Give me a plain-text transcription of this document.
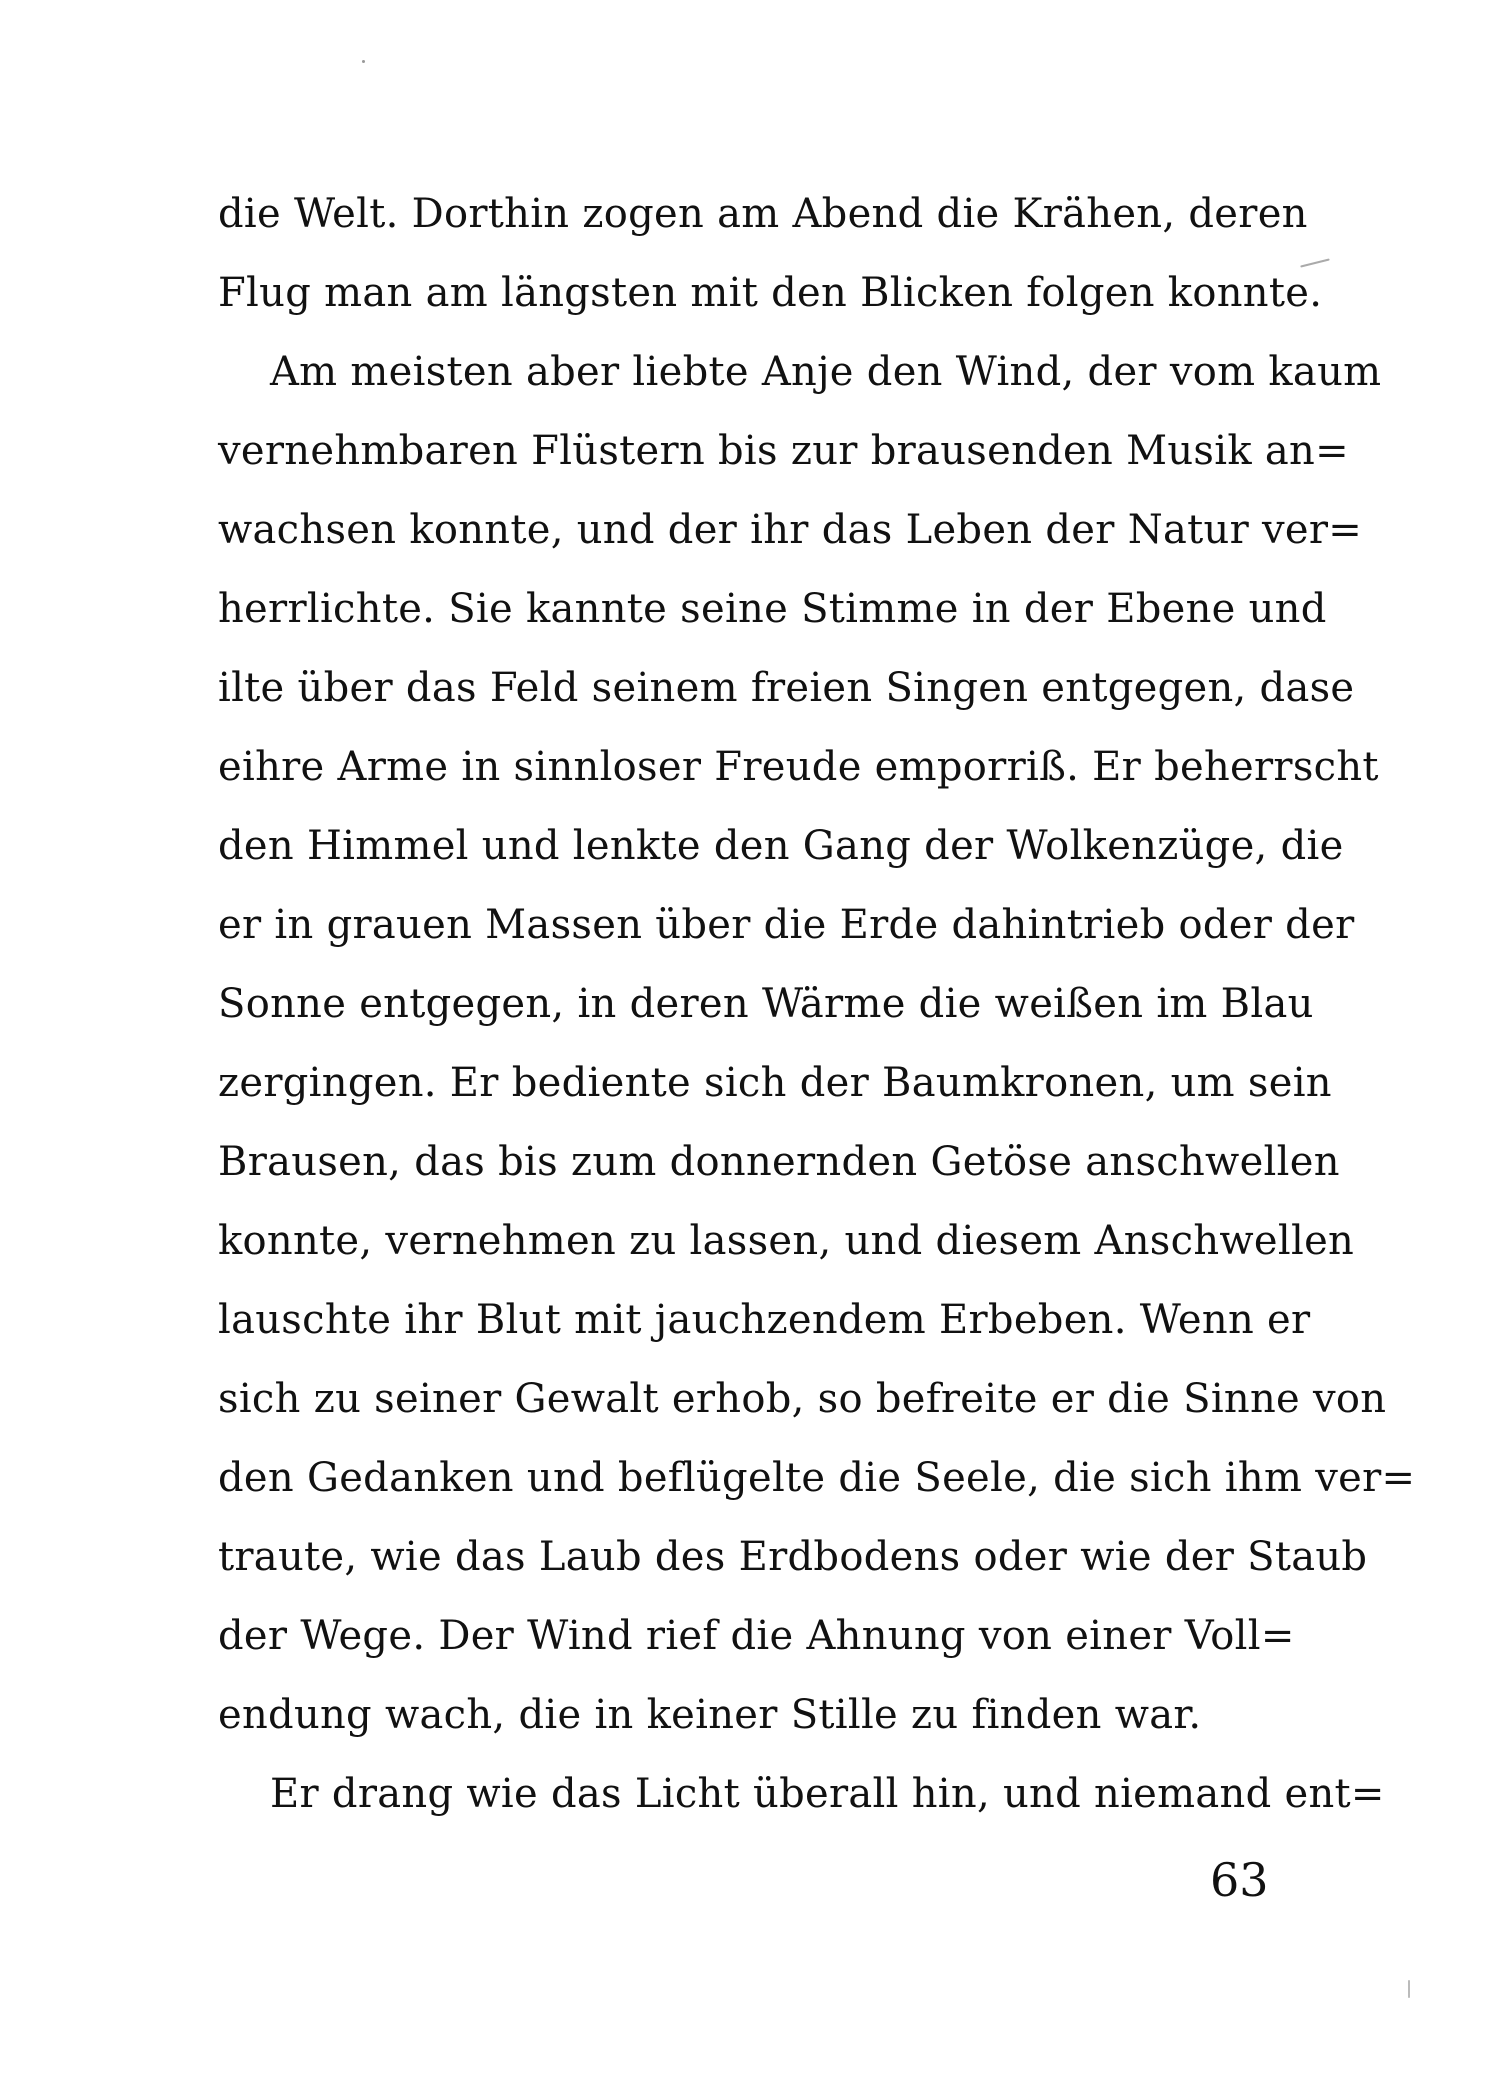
die Welt. Dorthin zogen am Abend die Krähen, deren
Flug man am längsten mit den Blicken folgen konnte.
Am meisten aber liebte Anje den Wind, der vom kaum
vernehmbaren Flüstern bis zur brausenden Musik an=
wachsen konnte, und der ihr das Leben der Natur ver=
herrlichte. Sie kannte seine Stimme in der Ebene und
ilte über das Feld seinem freien Singen entgegen, dase
eihre Arme in sinnloser Freude emporriß. Er beherrscht
den Himmel und lenkte den Gang der Wolkenzüge, die
er in grauen Massen über die Erde dahintrieb oder der
Sonne entgegen, in deren Wärme die weißen im Blau
zergingen. Er bediente sich der Baumkronen, um sein
Brausen, das bis zum donnernden Getöse anschwellen
konnte, vernehmen zu lassen, und diesem Anschwellen
lauschte ihr Blut mit jauchzendem Erbeben. Wenn er
sich zu seiner Gewalt erhob, so befreite er die Sinne von
den Gedanken und beflügelte die Seele, die sich ihm ver=
traute, wie das Laub des Erdbodens oder wie der Staub
der Wege. Der Wind rief die Ahnung von einer Voll=
endung wach, die in keiner Stille zu finden war.
Er drang wie das Licht überall hin, und niemand ent=
63
